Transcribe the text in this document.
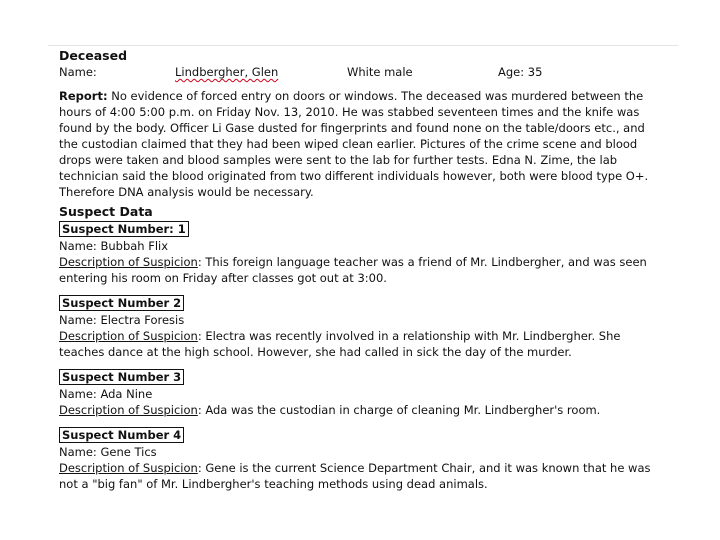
Deceased
Name:	Lindbergher, Glen	White male	Age: 35

Report: No evidence of forced entry on doors or windows. The deceased was murdered between the hours of 4:00 5:00 p.m. on Friday Nov. 13, 2010. He was stabbed seventeen times and the knife was found by the body. Officer Li Gase dusted for fingerprints and found none on the table/doors etc., and the custodian claimed that they had been wiped clean earlier. Pictures of the crime scene and blood drops were taken and blood samples were sent to the lab for further tests. Edna N. Zime, the lab technician said the blood originated from two different individuals however, both were blood type O+. Therefore DNA analysis would be necessary.

Suspect Data
Suspect Number: 1
Name: Bubbah Flix

Description of Suspicion: This foreign language teacher was a friend of Mr. Lindbergher, and was seen entering his room on Friday after classes got out at 3:00.

Suspect Number 2
Name: Electra Foresis

Description of Suspicion: Electra was recently involved in a relationship with Mr. Lindbergher. She teaches dance at the high school. However, she had called in sick the day of the murder.

Suspect Number 3
Name: Ada Nine

Description of Suspicion: Ada was the custodian in charge of cleaning Mr. Lindbergher's room.

Suspect Number 4
Name: Gene Tics

Description of Suspicion: Gene is the current Science Department Chair, and it was known that he was not a "big fan" of Mr. Lindbergher's teaching methods using dead animals.
